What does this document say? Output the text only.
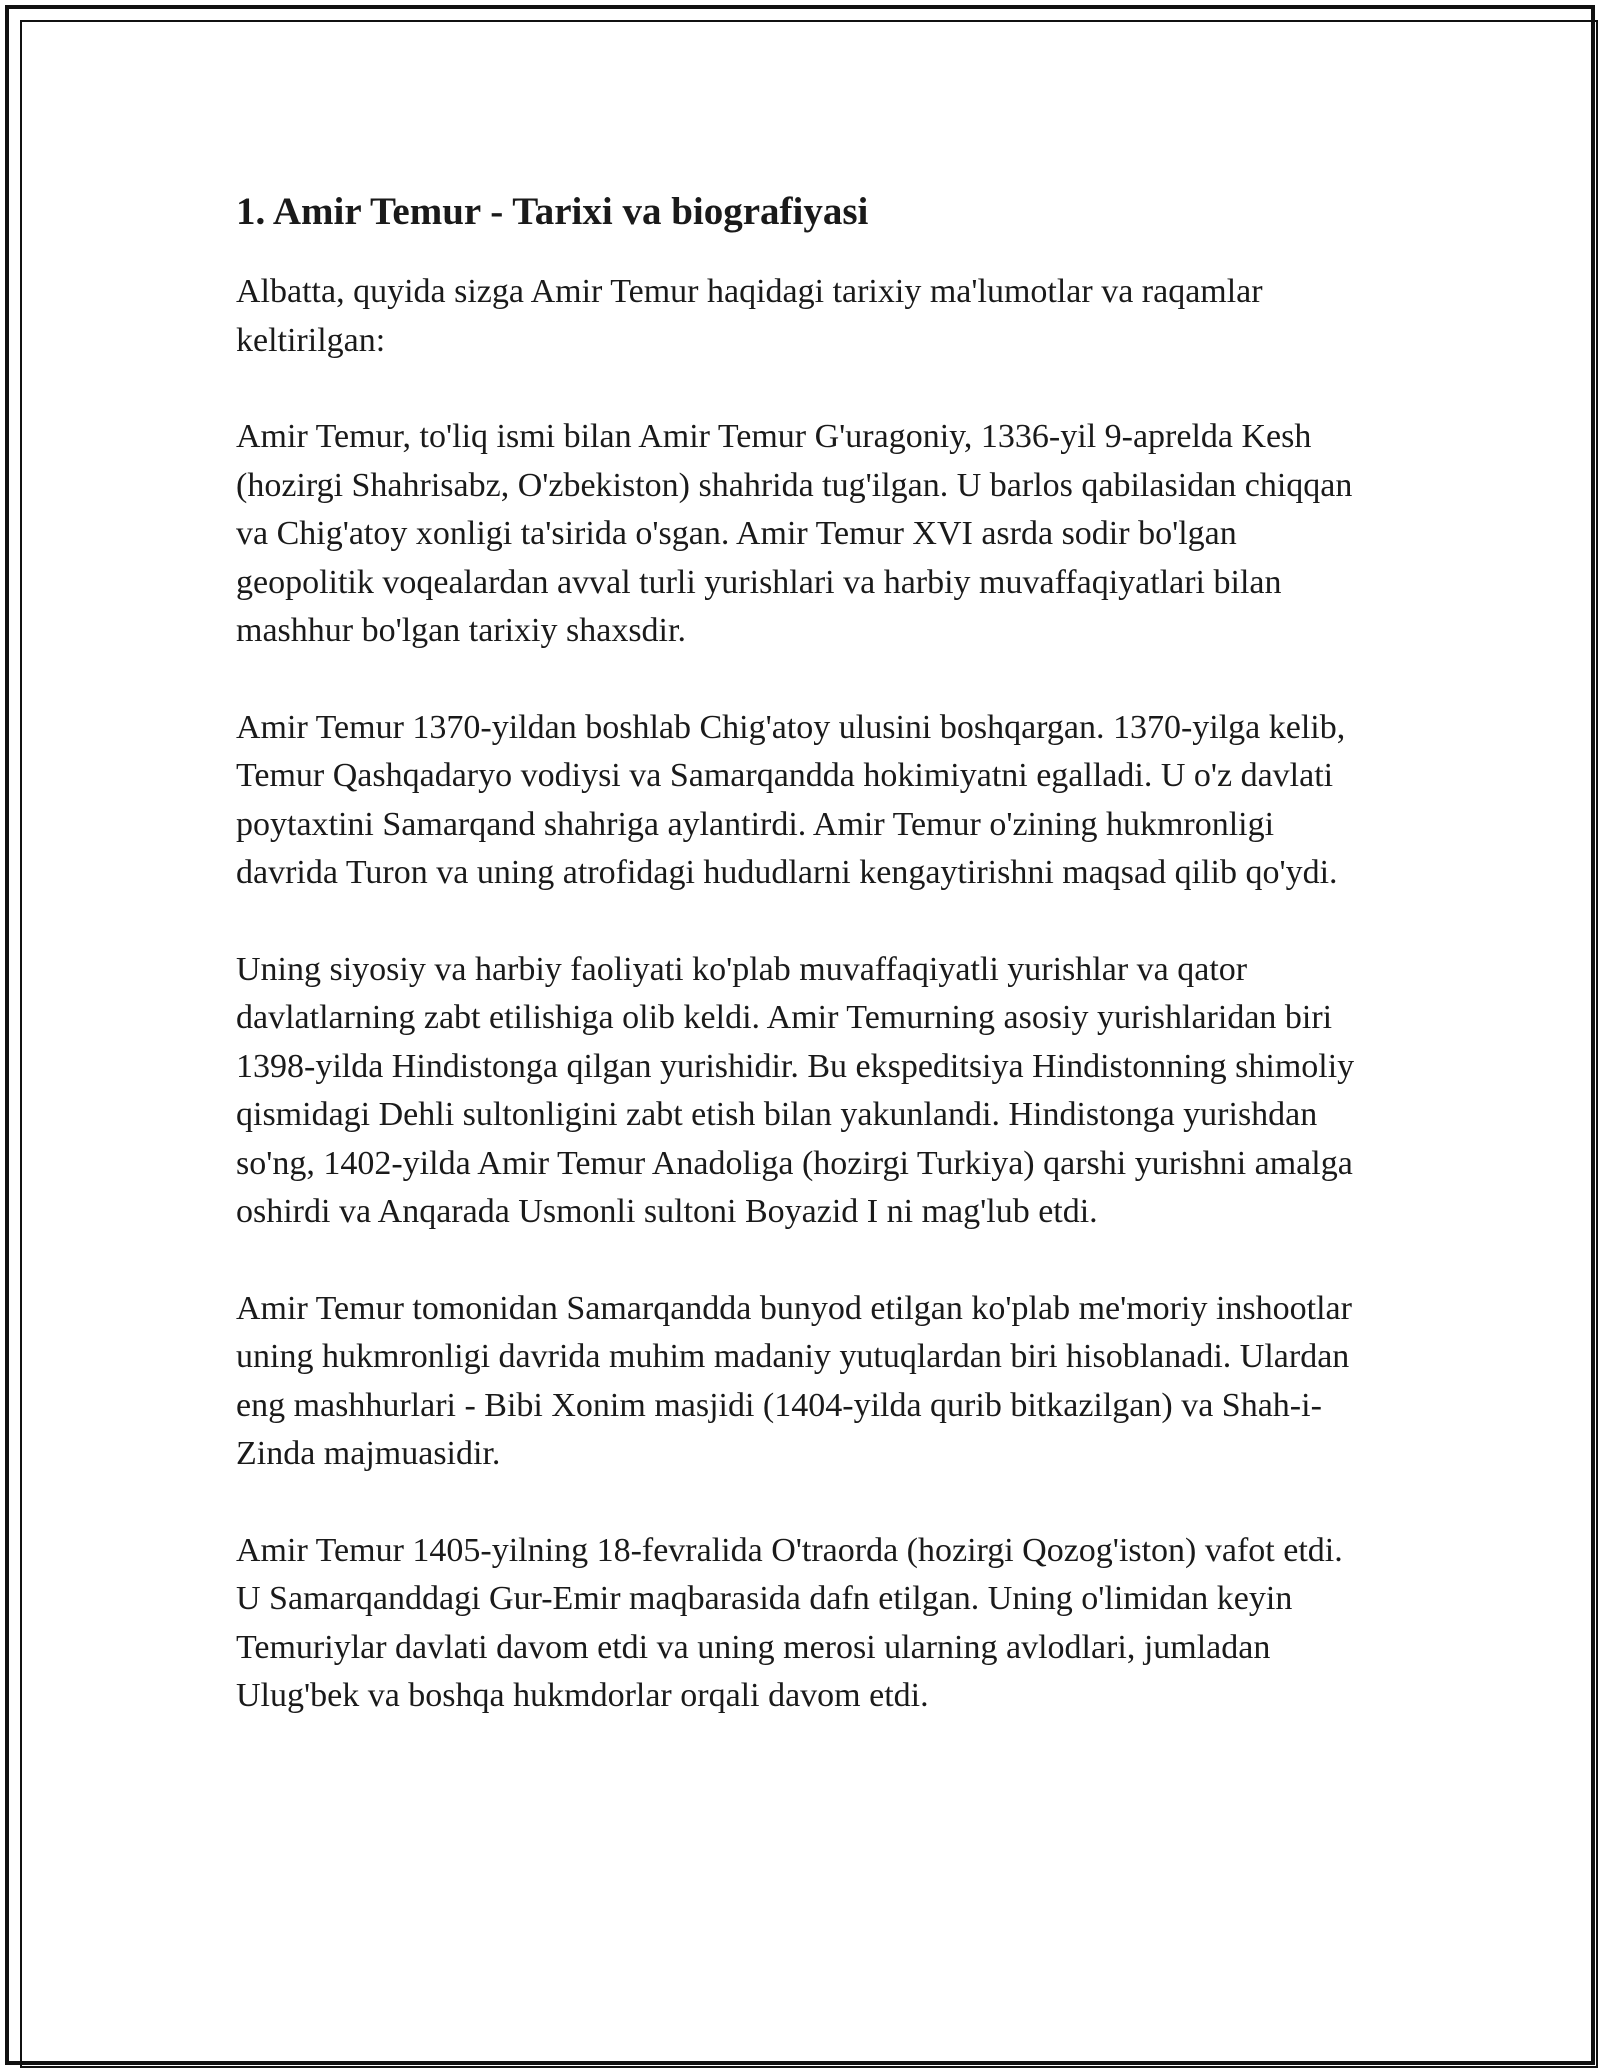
1. Amir Temur - Tarixi va biografiyasi

Albatta, quyida sizga Amir Temur haqidagi tarixiy ma'lumotlar va raqamlar keltirilgan:

Amir Temur, to'liq ismi bilan Amir Temur G'uragoniy, 1336-yil 9-aprelda Kesh (hozirgi Shahrisabz, O'zbekiston) shahrida tug'ilgan. U barlos qabilasidan chiqqan va Chig'atoy xonligi ta'sirida o'sgan. Amir Temur XVI asrda sodir bo'lgan geopolitik voqealardan avval turli yurishlari va harbiy muvaffaqiyatlari bilan mashhur bo'lgan tarixiy shaxsdir.

Amir Temur 1370-yildan boshlab Chig'atoy ulusini boshqargan. 1370-yilga kelib, Temur Qashqadaryo vodiysi va Samarqandda hokimiyatni egalladi. U o'z davlati poytaxtini Samarqand shahriga aylantirdi. Amir Temur o'zining hukmronligi davrida Turon va uning atrofidagi hududlarni kengaytirishni maqsad qilib qo'ydi.

Uning siyosiy va harbiy faoliyati ko'plab muvaffaqiyatli yurishlar va qator davlatlarning zabt etilishiga olib keldi. Amir Temurning asosiy yurishlaridan biri 1398-yilda Hindistonga qilgan yurishidir. Bu ekspeditsiya Hindistonning shimoliy qismidagi Dehli sultonligini zabt etish bilan yakunlandi. Hindistonga yurishdan so'ng, 1402-yilda Amir Temur Anadoliga (hozirgi Turkiya) qarshi yurishni amalga oshirdi va Anqarada Usmonli sultoni Boyazid I ni mag'lub etdi.

Amir Temur tomonidan Samarqandda bunyod etilgan ko'plab me'moriy inshootlar uning hukmronligi davrida muhim madaniy yutuqlardan biri hisoblanadi. Ulardan eng mashhurlari - Bibi Xonim masjidi (1404-yilda qurib bitkazilgan) va Shah-i-Zinda majmuasidir.

Amir Temur 1405-yilning 18-fevralida O'traorda (hozirgi Qozog'iston) vafot etdi. U Samarqanddagi Gur-Emir maqbarasida dafn etilgan. Uning o'limidan keyin Temuriylar davlati davom etdi va uning merosi ularning avlodlari, jumladan Ulug'bek va boshqa hukmdorlar orqali davom etdi.
